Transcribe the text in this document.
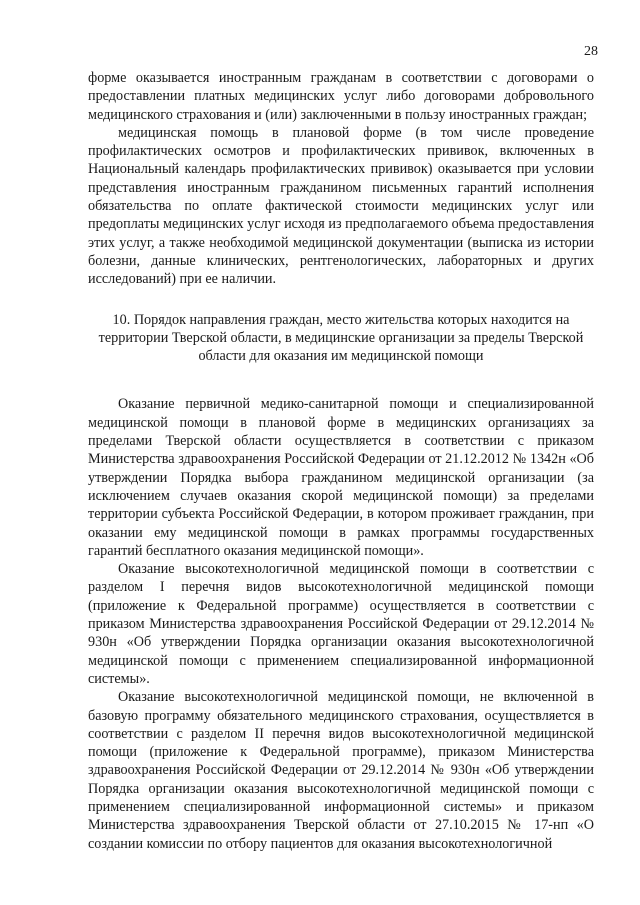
28

форме оказывается иностранным гражданам в соответствии с договорами о предоставлении платных медицинских услуг либо договорами добровольного медицинского страхования и (или) заключенными в пользу иностранных граждан;

медицинская помощь в плановой форме (в том числе проведение профилактических осмотров и профилактических прививок, включенных в Национальный календарь профилактических прививок) оказывается при условии представления иностранным гражданином письменных гарантий исполнения обязательства по оплате фактической стоимости медицинских услуг или предоплаты медицинских услуг исходя из предполагаемого объема предоставления этих услуг, а также необходимой медицинской документации (выписка из истории болезни, данные клинических, рентгенологических, лабораторных и других исследований) при ее наличии.

10. Порядок направления граждан, место жительства которых находится на территории Тверской области, в медицинские организации за пределы Тверской области для оказания им медицинской помощи

Оказание первичной медико-санитарной помощи и специализированной медицинской помощи в плановой форме в медицинских организациях за пределами Тверской области осуществляется в соответствии с приказом Министерства здравоохранения Российской Федерации от 21.12.2012 № 1342н «Об утверждении Порядка выбора гражданином медицинской организации (за исключением случаев оказания скорой медицинской помощи) за пределами территории субъекта Российской Федерации, в котором проживает гражданин, при оказании ему медицинской помощи в рамках программы государственных гарантий бесплатного оказания медицинской помощи».

Оказание высокотехнологичной медицинской помощи в соответствии с разделом I перечня видов высокотехнологичной медицинской помощи (приложение к Федеральной программе) осуществляется в соответствии с приказом Министерства здравоохранения Российской Федерации от 29.12.2014 № 930н «Об утверждении Порядка организации оказания высокотехнологичной медицинской помощи с применением специализированной информационной системы».

Оказание высокотехнологичной медицинской помощи, не включенной в базовую программу обязательного медицинского страхования, осуществляется в соответствии с разделом II перечня видов высокотехнологичной медицинской помощи (приложение к Федеральной программе), приказом Министерства здравоохранения Российской Федерации от 29.12.2014 № 930н «Об утверждении Порядка организации оказания высокотехнологичной медицинской помощи с применением специализированной информационной системы» и приказом Министерства здравоохранения Тверской области от 27.10.2015 № 17-нп «О создании комиссии по отбору пациентов для оказания высокотехнологичной
